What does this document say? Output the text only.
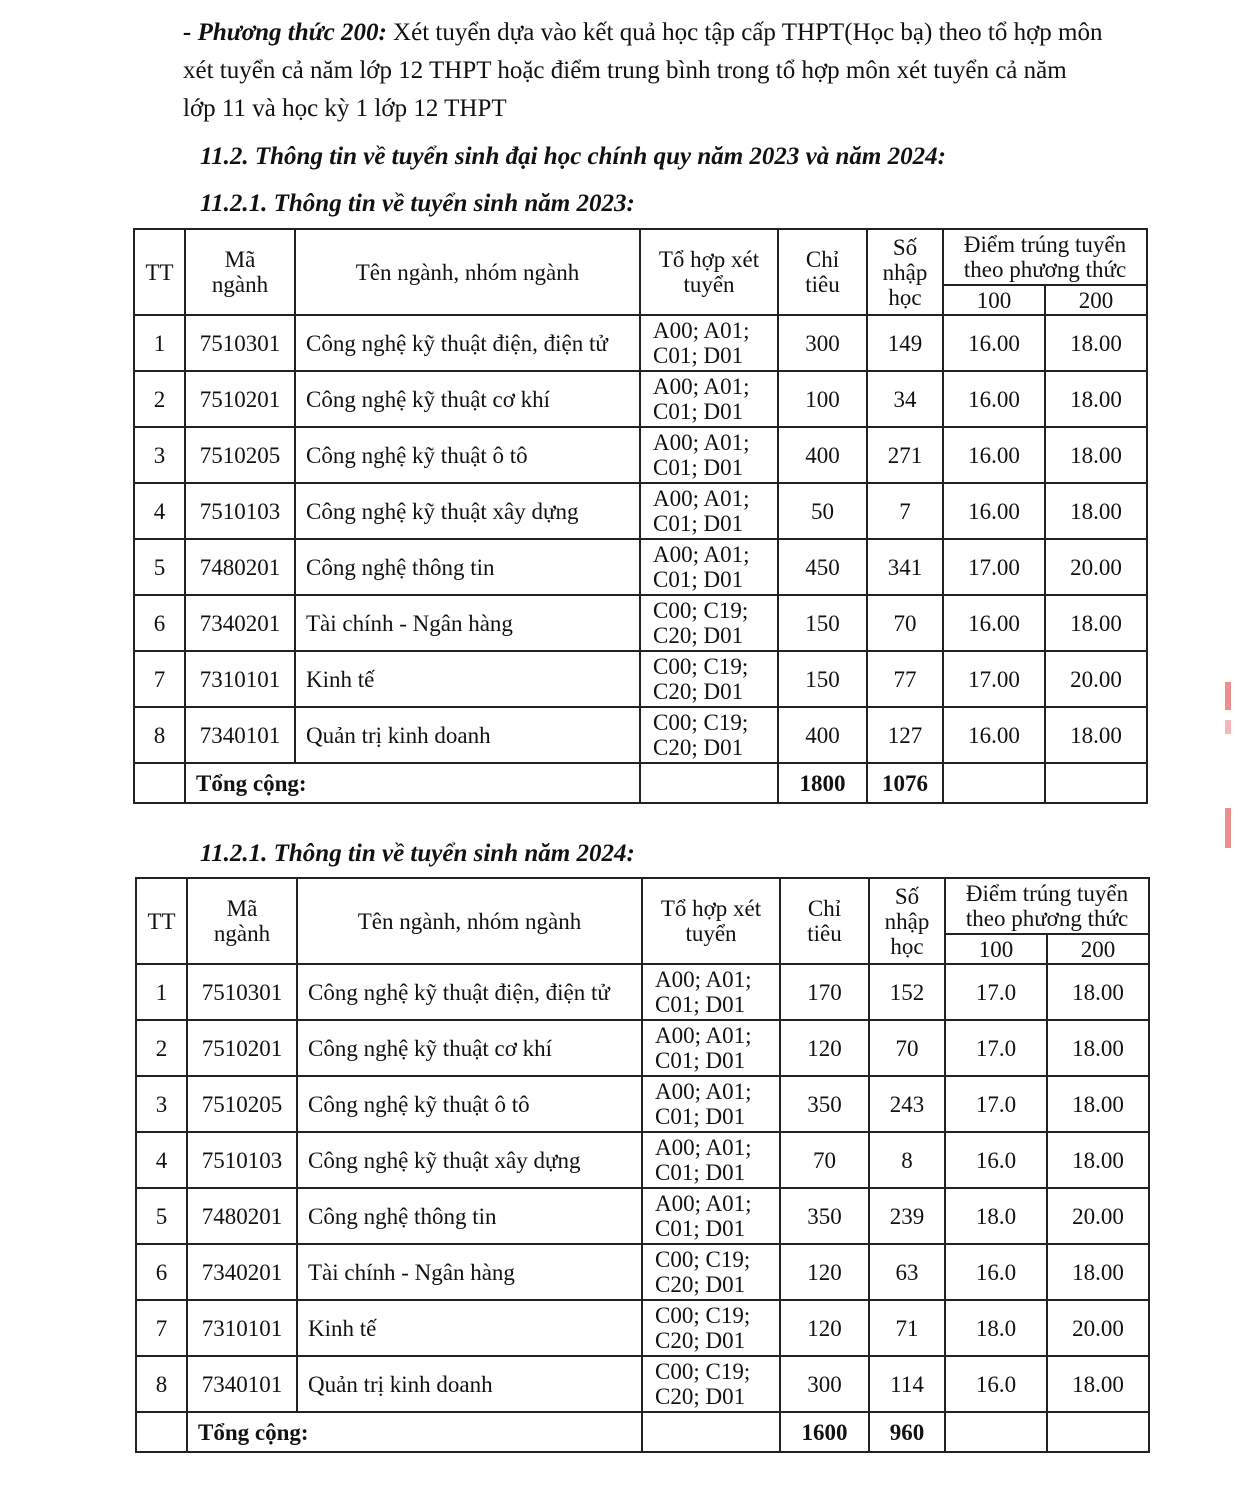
- Phương thức 200: Xét tuyển dựa vào kết quả học tập cấp THPT(Học bạ) theo tổ hợp môn

xét tuyển cả năm lớp 12 THPT hoặc điểm trung bình trong tổ hợp môn xét tuyển cả năm

lớp 11 và học kỳ 1 lớp 12 THPT

11.2. Thông tin về tuyển sinh đại học chính quy năm 2023 và năm 2024:
11.2.1. Thông tin về tuyển sinh năm 2023:
TT	Mã
ngành	Tên ngành, nhóm ngành	Tổ hợp xét
tuyển	Chỉ
tiêu	Số
nhập
học	Điểm trúng tuyển
theo phương thức	

						100	200
1	7510301	Công nghệ kỹ thuật điện, điện tử	A00; A01;
C01; D01	300	149	16.00	18.00
2	7510201	Công nghệ kỹ thuật cơ khí	A00; A01;
C01; D01	100	34	16.00	18.00
3	7510205	Công nghệ kỹ thuật ô tô	A00; A01;
C01; D01	400	271	16.00	18.00
4	7510103	Công nghệ kỹ thuật xây dựng	A00; A01;
C01; D01	50	7	16.00	18.00
5	7480201	Công nghệ thông tin	A00; A01;
C01; D01	450	341	17.00	20.00
6	7340201	Tài chính - Ngân hàng	C00; C19;
C20; D01	150	70	16.00	18.00
7	7310101	Kinh tế	C00; C19;
C20; D01	150	77	17.00	20.00
8	7340101	Quản trị kinh doanh	C00; C19;
C20; D01	400	127	16.00	18.00
	Tổng cộng:			1800	1076		
11.2.1. Thông tin về tuyển sinh năm 2024:
TT	Mã
ngành	Tên ngành, nhóm ngành	Tổ hợp xét
tuyển	Chỉ
tiêu	Số
nhập
học	Điểm trúng tuyển
theo phương thức	

						100	200
1	7510301	Công nghệ kỹ thuật điện, điện tử	A00; A01;
C01; D01	170	152	17.0	18.00
2	7510201	Công nghệ kỹ thuật cơ khí	A00; A01;
C01; D01	120	70	17.0	18.00
3	7510205	Công nghệ kỹ thuật ô tô	A00; A01;
C01; D01	350	243	17.0	18.00
4	7510103	Công nghệ kỹ thuật xây dựng	A00; A01;
C01; D01	70	8	16.0	18.00
5	7480201	Công nghệ thông tin	A00; A01;
C01; D01	350	239	18.0	20.00
6	7340201	Tài chính - Ngân hàng	C00; C19;
C20; D01	120	63	16.0	18.00
7	7310101	Kinh tế	C00; C19;
C20; D01	120	71	18.0	20.00
8	7340101	Quản trị kinh doanh	C00; C19;
C20; D01	300	114	16.0	18.00
	Tổng cộng:			1600	960		
